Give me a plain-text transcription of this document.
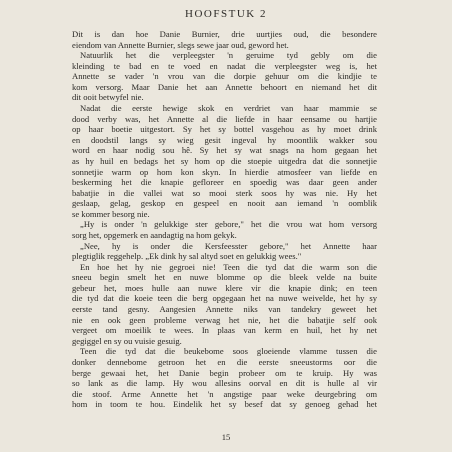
HOOFSTUK 2
Dit is dan hoe Danie Burnier, drie uurtjies oud, die besondere
eiendom van Annette Burnier, slegs sewe jaar oud, geword het.
Natuurlik het die verpleegster 'n geruime tyd gebly om die
kleinding te bad en te voed en nadat die verpleegster weg is, het
Annette se vader 'n vrou van die dorpie gehuur om die kindjie te
kom versorg. Maar Danie het aan Annette behoort en niemand het dit
dit ooit betwyfel nie.
Nadat die eerste hewige skok en verdriet van haar mammie se
dood verby was, het Annette al die liefde in haar eensame ou hartjie
op haar boetie uitgestort. Sy het sy bottel vasgehou as hy moet drink
en doodstil langs sy wieg gesit ingeval hy moontlik wakker sou
word en haar nodig sou hê. Sy het sy wat snags na hom gegaan het
as hy huil en bedags het sy hom op die stoepie uitgedra dat die sonnetjie
sonnetjie warm op hom kon skyn. In hierdie atmosfeer van liefde en
beskerming het die knapie gefloreer en spoedig was daar geen ander
babatjie in die vallei wat so mooi sterk soos hy was nie. Hy het
geslaap, gelag, geskop en gespeel en nooit aan iemand 'n oomblik
se kommer besorg nie.
„Hy is onder 'n gelukkige ster gebore," het die vrou wat hom versorg
sorg het, opgemerk en aandagtig na hom gekyk.
„Nee, hy is onder die Kersfeesster gebore," het Annette haar
plegtiglik reggehelp. „Ek dink hy sal altyd soet en gelukkig wees."
En hoe het hy nie gegroei nie! Teen die tyd dat die warm son die
sneeu begin smelt het en nuwe blomme op die bleek velde na buite
gebeur het, moes hulle aan nuwe klere vir die knapie dink; en teen
die tyd dat die koeie teen die berg opgegaan het na nuwe weivelde, het hy sy
eerste tand gesny. Aangesien Annette niks van tandekry geweet het
nie en ook geen probleme verwag het nie, het die babatjie self ook
vergeet om moeilik te wees. In plaas van kerm en huil, het hy net
gegiggel en sy ou vuisie gesuig.
Teen die tyd dat die beukebome soos gloeiende vlamme tussen die
donker dennebome getroon het en die eerste sneeustorms oor die
berge gewaai het, het Danie begin probeer om te kruip. Hy was
so lank as die lamp. Hy wou allesins oorval en dit is hulle al vir
die stoof. Arme Annette het 'n angstige paar weke deurgebring om
hom in toom te hou. Eindelik het sy besef dat sy genoeg gehad het
15
